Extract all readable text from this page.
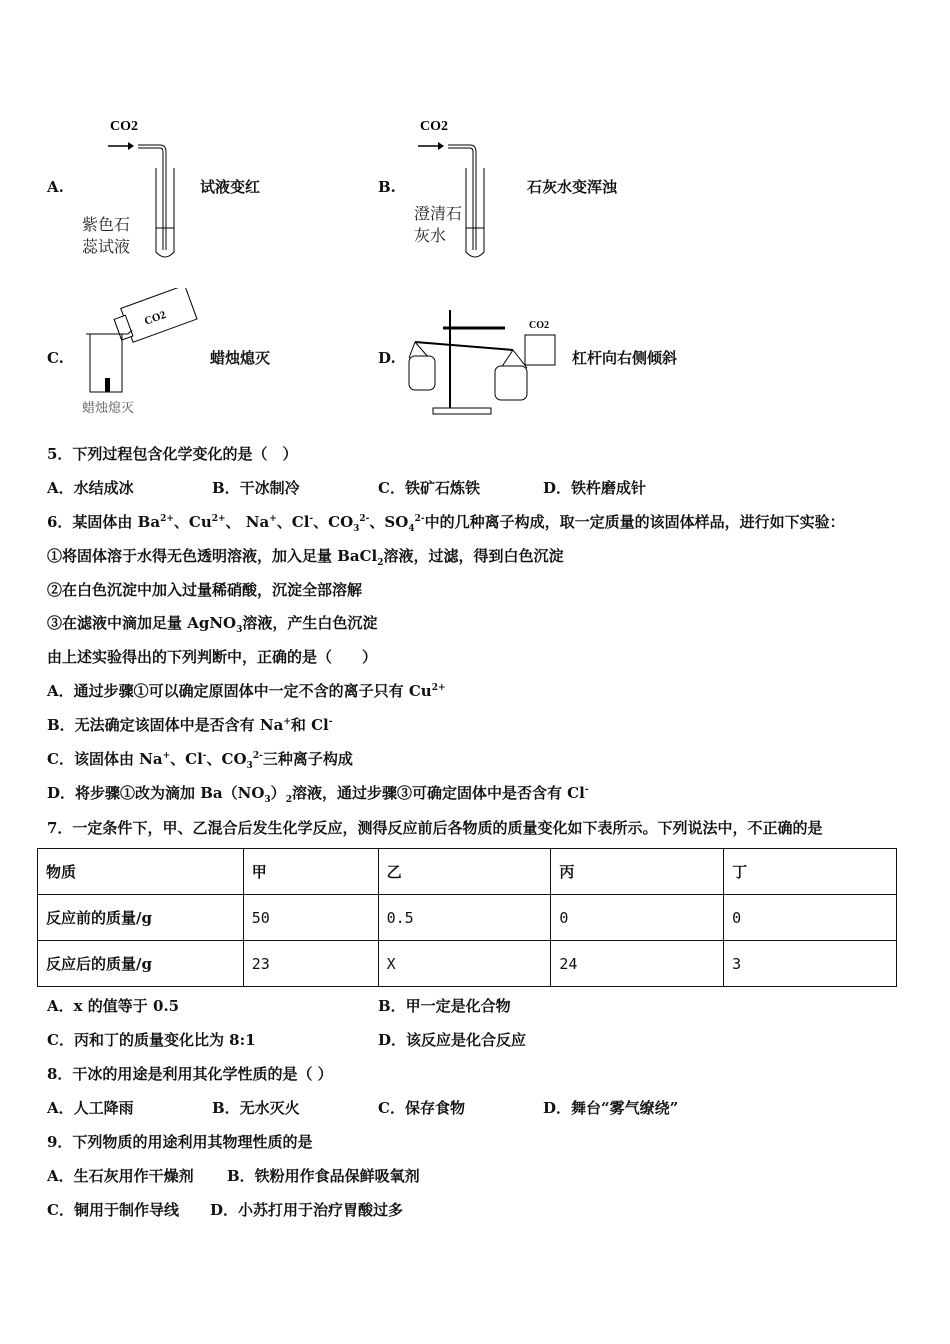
A.
CO2
紫色石
蕊试液
试液变红	B.
CO2
澄清石
灰水
石灰水变浑浊
C.
CO2
蜡烛熄灭
蜡烛熄灭	D.
CO2
杠杆向右侧倾斜
5．下列过程包含化学变化的是（　）
A．水结成冰	B．干冰制冷	C．铁矿石炼铁	D．铁杵磨成针
6．某固体由 $Ba^{2+}$、$Cu^{2+}$、 Na+、Cl-、$CO_3^{2-}$、$SO_4^{2-}$中的几种离子构成，取一定质量的该固体样品，进行如下实验：
①将固体溶于水得无色透明溶液，加入足量 BaCl$_2$溶液，过滤，得到白色沉淀
②在白色沉淀中加入过量稀硝酸，沉淀全部溶解
③在滤液中滴加足量 AgNO$_3$溶液，产生白色沉淀
由上述实验得出的下列判断中，正确的是（　　）
A．通过步骤①可以确定原固体中一定不含的离子只有 $Cu^{2+}$
B．无法确定该固体中是否含有 Na+和 Cl-
C．该固体由 Na+、Cl-、$CO_3^{2-}$三种离子构成
D．将步骤①改为滴加 $Ba(NO_3)_2$溶液，通过步骤③可确定固体中是否含有 Cl-
7．一定条件下，甲、乙混合后发生化学反应，测得反应前后各物质的质量变化如下表所示。下列说法中，不正确的是
物质	甲	乙	丙	丁
反应前的质量/g	50	0.5	0	0
反应后的质量/g	23	X	24	3
A．x 的值等于 0.5	B．甲一定是化合物
C．丙和丁的质量变化比为 8:1	D．该反应是化合反应
8．干冰的用途是利用其化学性质的是（ ）
A．人工降雨	B．无水灭火	C．保存食物	D．舞台“雾气缭绕”
9．下列物质的用途利用其物理性质的是
A．生石灰用作干燥剂 B．铁粉用作食品保鲜吸氧剂
C．铜用于制作导线 D．小苏打用于治疗胃酸过多
